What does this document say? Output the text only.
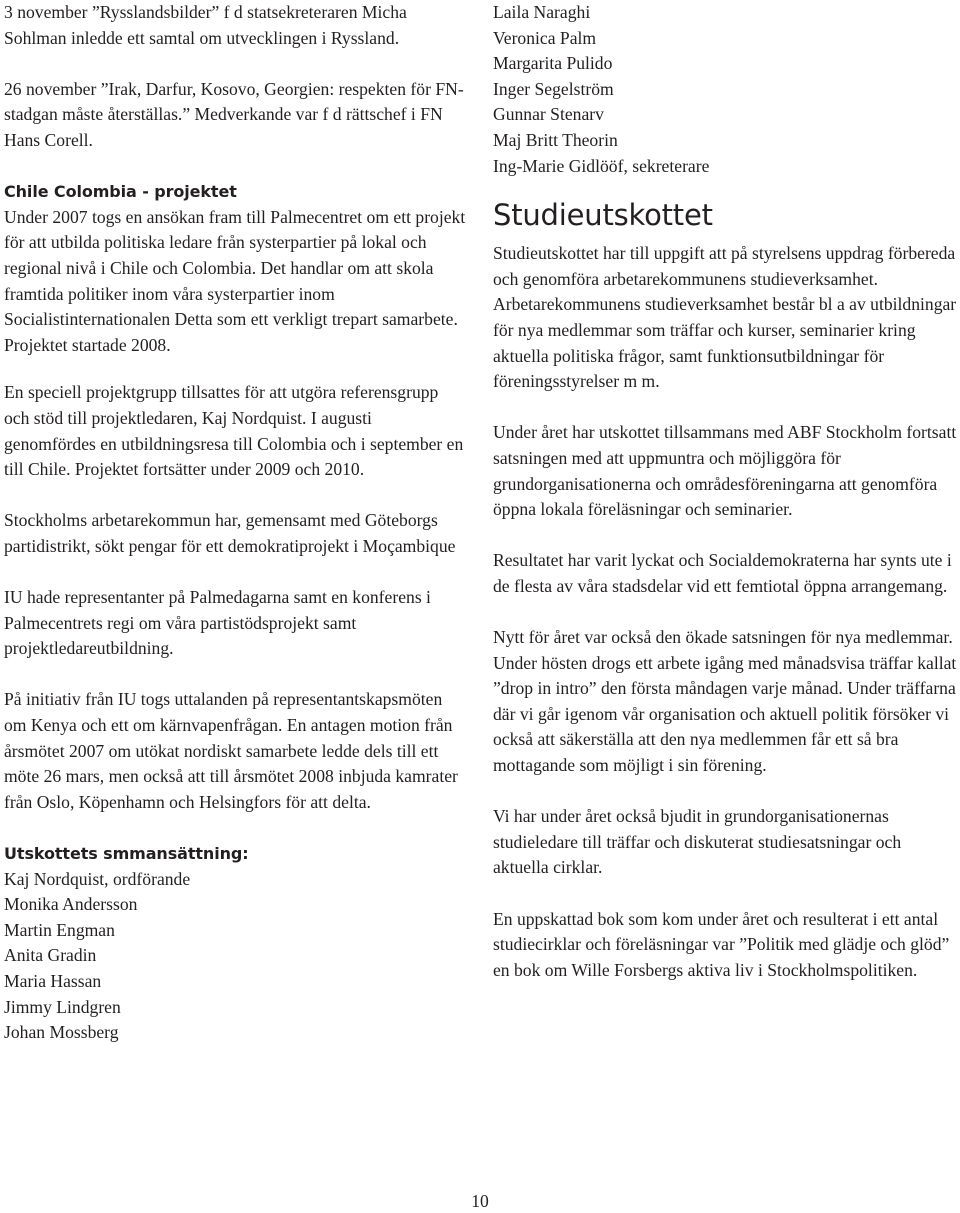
3 november ”Rysslandsbilder” f d statsekreteraren Micha Sohlman inledde ett samtal om utvecklingen i Ryssland.

26 november ”Irak, Darfur, Kosovo, Georgien: respekten för FN-stadgan måste återställas.” Medverkande var f d rättschef i FN Hans Corell.

Chile Colombia - projektet

Under 2007 togs en ansökan fram till Palmecentret om ett projekt för att utbilda politiska ledare från systerpartier på lokal och regional nivå i Chile och Colombia. Det handlar om att skola framtida politiker inom våra systerpartier inom Socialistinternationalen Detta som ett verkligt trepart samarbete. Projektet startade 2008.

En speciell projektgrupp tillsattes för att utgöra referensgrupp och stöd till projektledaren, Kaj Nordquist. I augusti genomfördes en utbildningsresa till Colombia och i september en till Chile. Projektet fortsätter under 2009 och 2010.

Stockholms arbetarekommun har, gemensamt med Göteborgs partidistrikt, sökt pengar för ett demokratiprojekt i Moçambique

IU hade representanter på Palmedagarna samt en konferens i Palmecentrets regi om våra partistödsprojekt samt projektledareutbildning.

På initiativ från IU togs uttalanden på representantskapsmöten om Kenya och ett om kärnvapenfrågan. En antagen motion från årsmötet 2007 om utökat nordiskt samarbete ledde dels till ett möte 26 mars, men också att till årsmötet 2008 inbjuda kamrater från Oslo, Köpenhamn och Helsingfors för att delta.

Utskottets smmansättning:

Kaj Nordquist, ordförande
Monika Andersson
Martin Engman
Anita Gradin
Maria Hassan
Jimmy Lindgren
Johan Mossberg
Laila Naraghi
Veronica Palm
Margarita Pulido
Inger Segelström
Gunnar Stenarv
Maj Britt Theorin
Ing-Marie Gidlööf, sekreterare

Studieutskottet

Studieutskottet har till uppgift att på styrelsens uppdrag förbereda och genomföra arbetarekommunens studieverksamhet. Arbetarekommunens studieverksamhet består bl a av utbildningar för nya medlemmar som träffar och kurser, seminarier kring aktuella politiska frågor, samt funktionsutbildningar för föreningsstyrelser m m.

Under året har utskottet tillsammans med ABF Stockholm fortsatt satsningen med att uppmuntra och möjliggöra för grundorganisationerna och områdesföreningarna att genomföra öppna lokala föreläsningar och seminarier.

Resultatet har varit lyckat och Socialdemokraterna har synts ute i de flesta av våra stadsdelar vid ett femtiotal öppna arrangemang.

Nytt för året var också den ökade satsningen för nya medlemmar. Under hösten drogs ett arbete igång med månadsvisa träffar kallat ”drop in intro” den första måndagen varje månad. Under träffarna där vi går igenom vår organisation och aktuell politik försöker vi också att säkerställa att den nya medlemmen får ett så bra mottagande som möjligt i sin förening.

Vi har under året också bjudit in grundorganisationernas studieledare till träffar och diskuterat studiesatsningar och aktuella cirklar.

En uppskattad bok som kom under året och resulterat i ett antal studiecirklar och föreläsningar var ”Politik med glädje och glöd” en bok om Wille Forsbergs aktiva liv i Stockholmspolitiken.

10
